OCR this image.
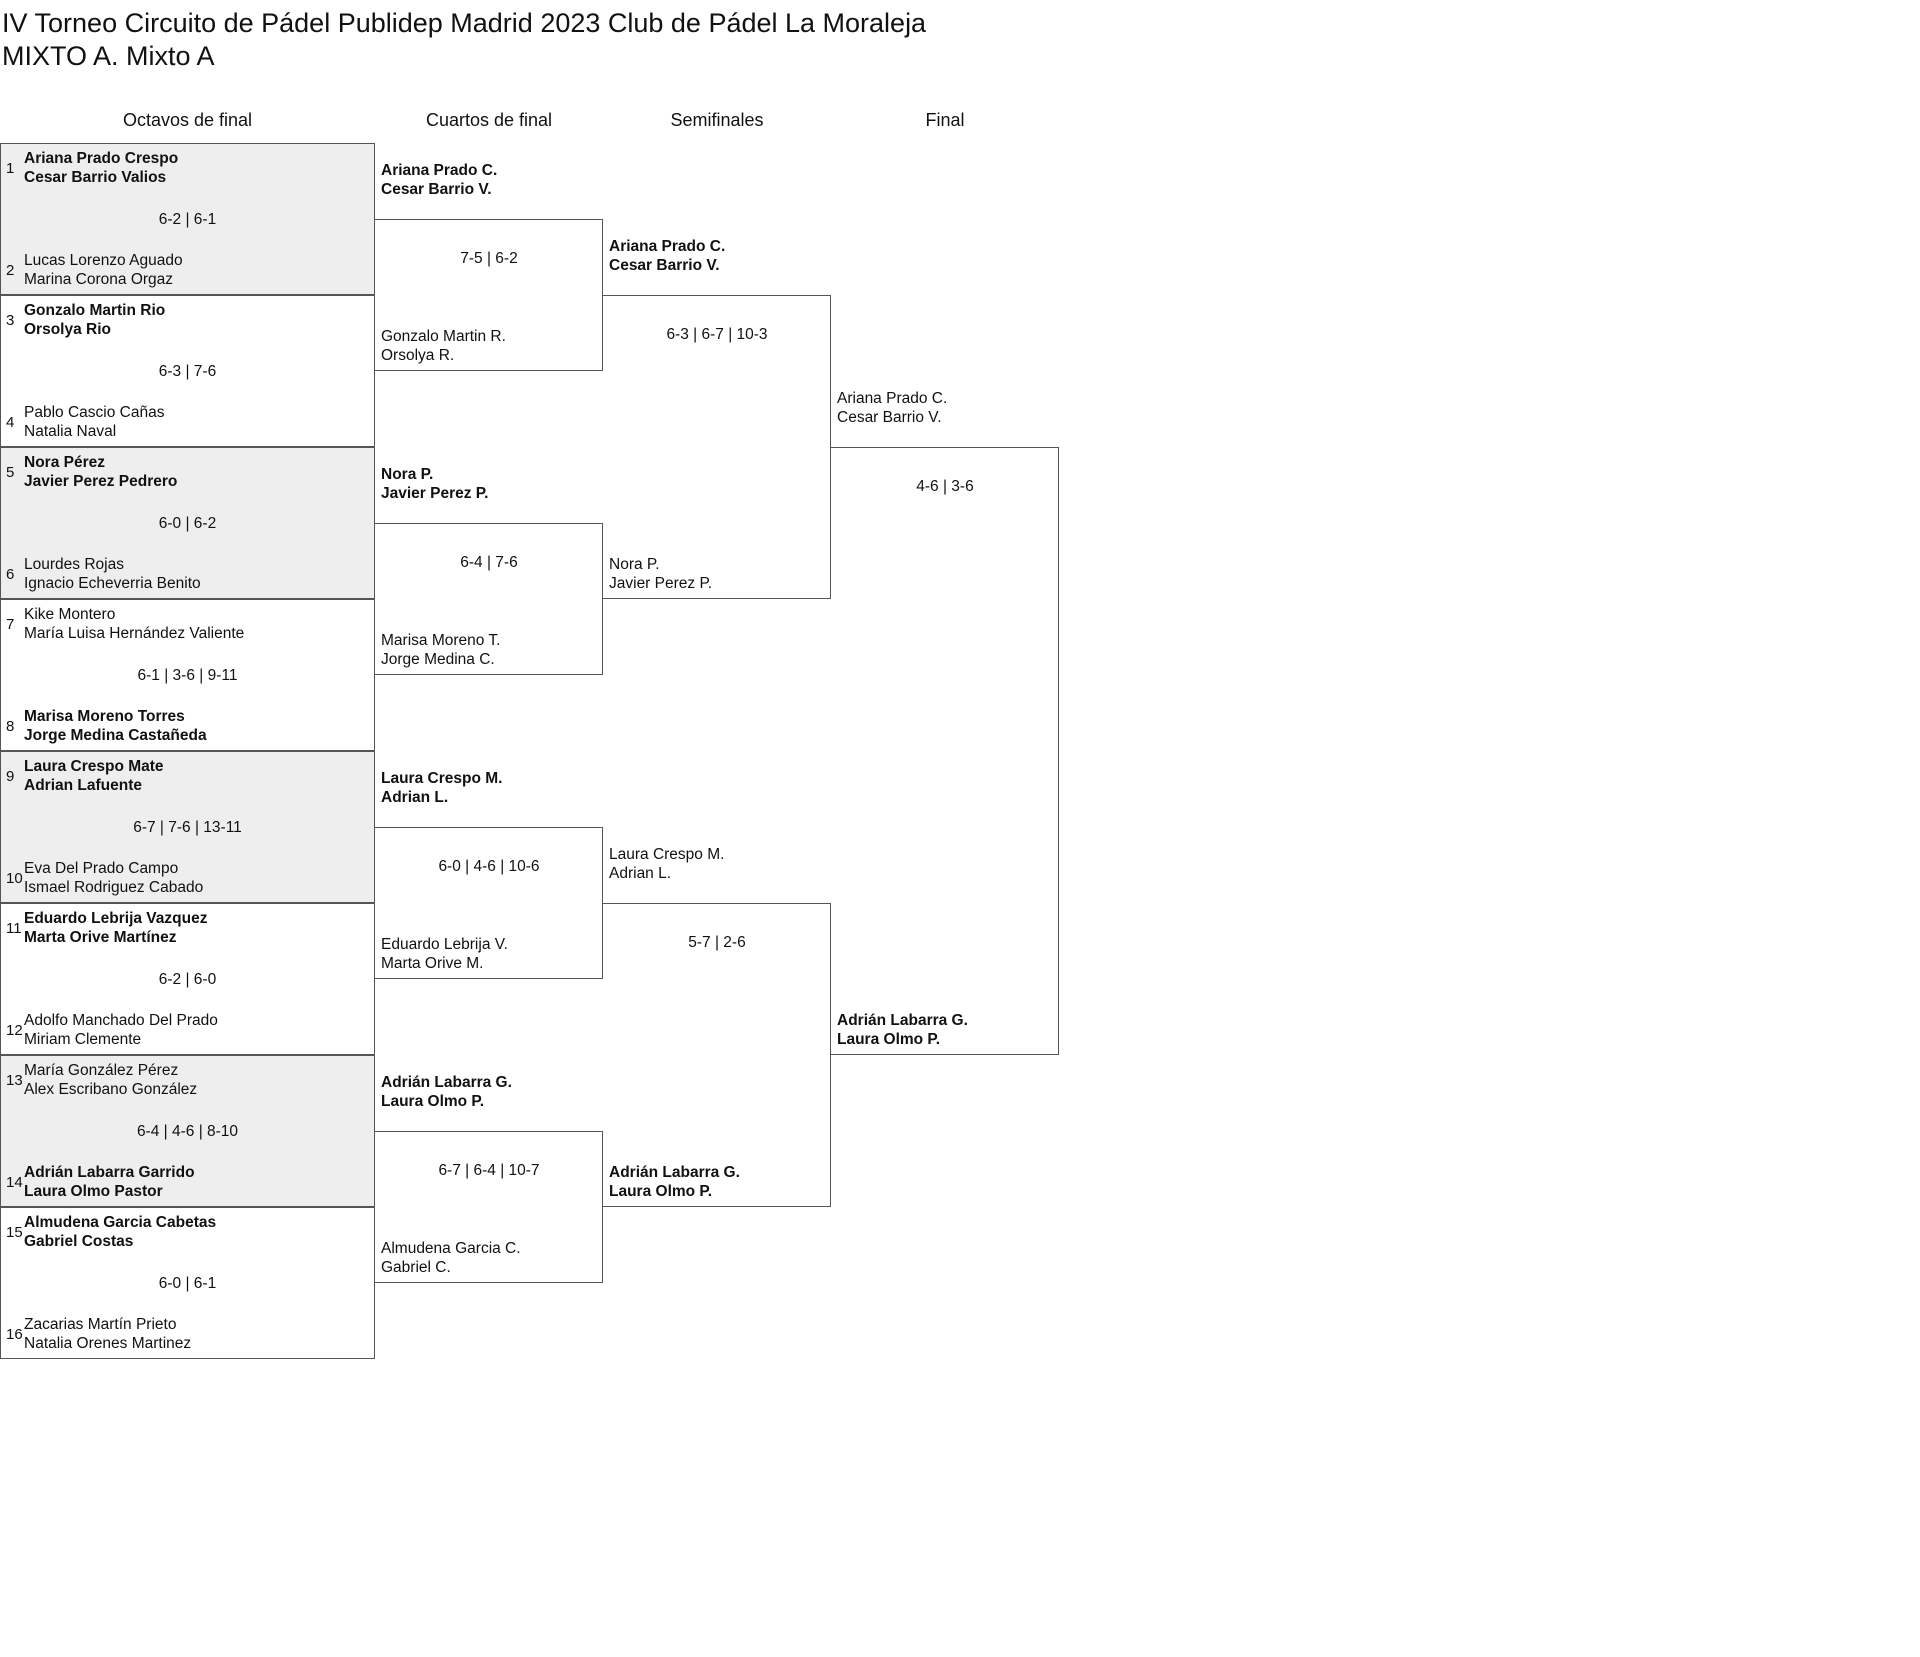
IV Torneo Circuito de Pádel Publidep Madrid 2023 Club de Pádel La Moraleja
MIXTO A. Mixto A
Octavos de final	Cuartos de final	Semifinales	Final
1
2
Ariana Prado Crespo
Cesar Barrio Valios
Lucas Lorenzo Aguado
Marina Corona Orgaz
6-2 | 6-1
3
4
Gonzalo Martin Rio
Orsolya Rio
Pablo Cascio Cañas
Natalia Naval
6-3 | 7-6
5
6
Nora Pérez
Javier Perez Pedrero
Lourdes Rojas
Ignacio Echeverria Benito
6-0 | 6-2
7
8
Kike Montero
María Luisa Hernández Valiente
Marisa Moreno Torres
Jorge Medina Castañeda
6-1 | 3-6 | 9-11
9
10
Laura Crespo Mate
Adrian Lafuente
Eva Del Prado Campo
Ismael Rodriguez Cabado
6-7 | 7-6 | 13-11
11
12
Eduardo Lebrija Vazquez
Marta Orive Martínez
Adolfo Manchado Del Prado
Miriam Clemente
6-2 | 6-0
13
14
María González Pérez
Alex Escribano González
Adrián Labarra Garrido
Laura Olmo Pastor
6-4 | 4-6 | 8-10
15
16
Almudena Garcia Cabetas
Gabriel Costas
Zacarias Martín Prieto
Natalia Orenes Martinez
6-0 | 6-1
Ariana Prado C.
Cesar Barrio V.
Gonzalo Martin R.
Orsolya R.
7-5 | 6-2
Nora P.
Javier Perez P.
Marisa Moreno T.
Jorge Medina C.
6-4 | 7-6
Laura Crespo M.
Adrian L.
Eduardo Lebrija V.
Marta Orive M.
6-0 | 4-6 | 10-6
Adrián Labarra G.
Laura Olmo P.
Almudena Garcia C.
Gabriel C.
6-7 | 6-4 | 10-7
Ariana Prado C.
Cesar Barrio V.
Nora P.
Javier Perez P.
6-3 | 6-7 | 10-3
Laura Crespo M.
Adrian L.
Adrián Labarra G.
Laura Olmo P.
5-7 | 2-6
Ariana Prado C.
Cesar Barrio V.
Adrián Labarra G.
Laura Olmo P.
4-6 | 3-6
